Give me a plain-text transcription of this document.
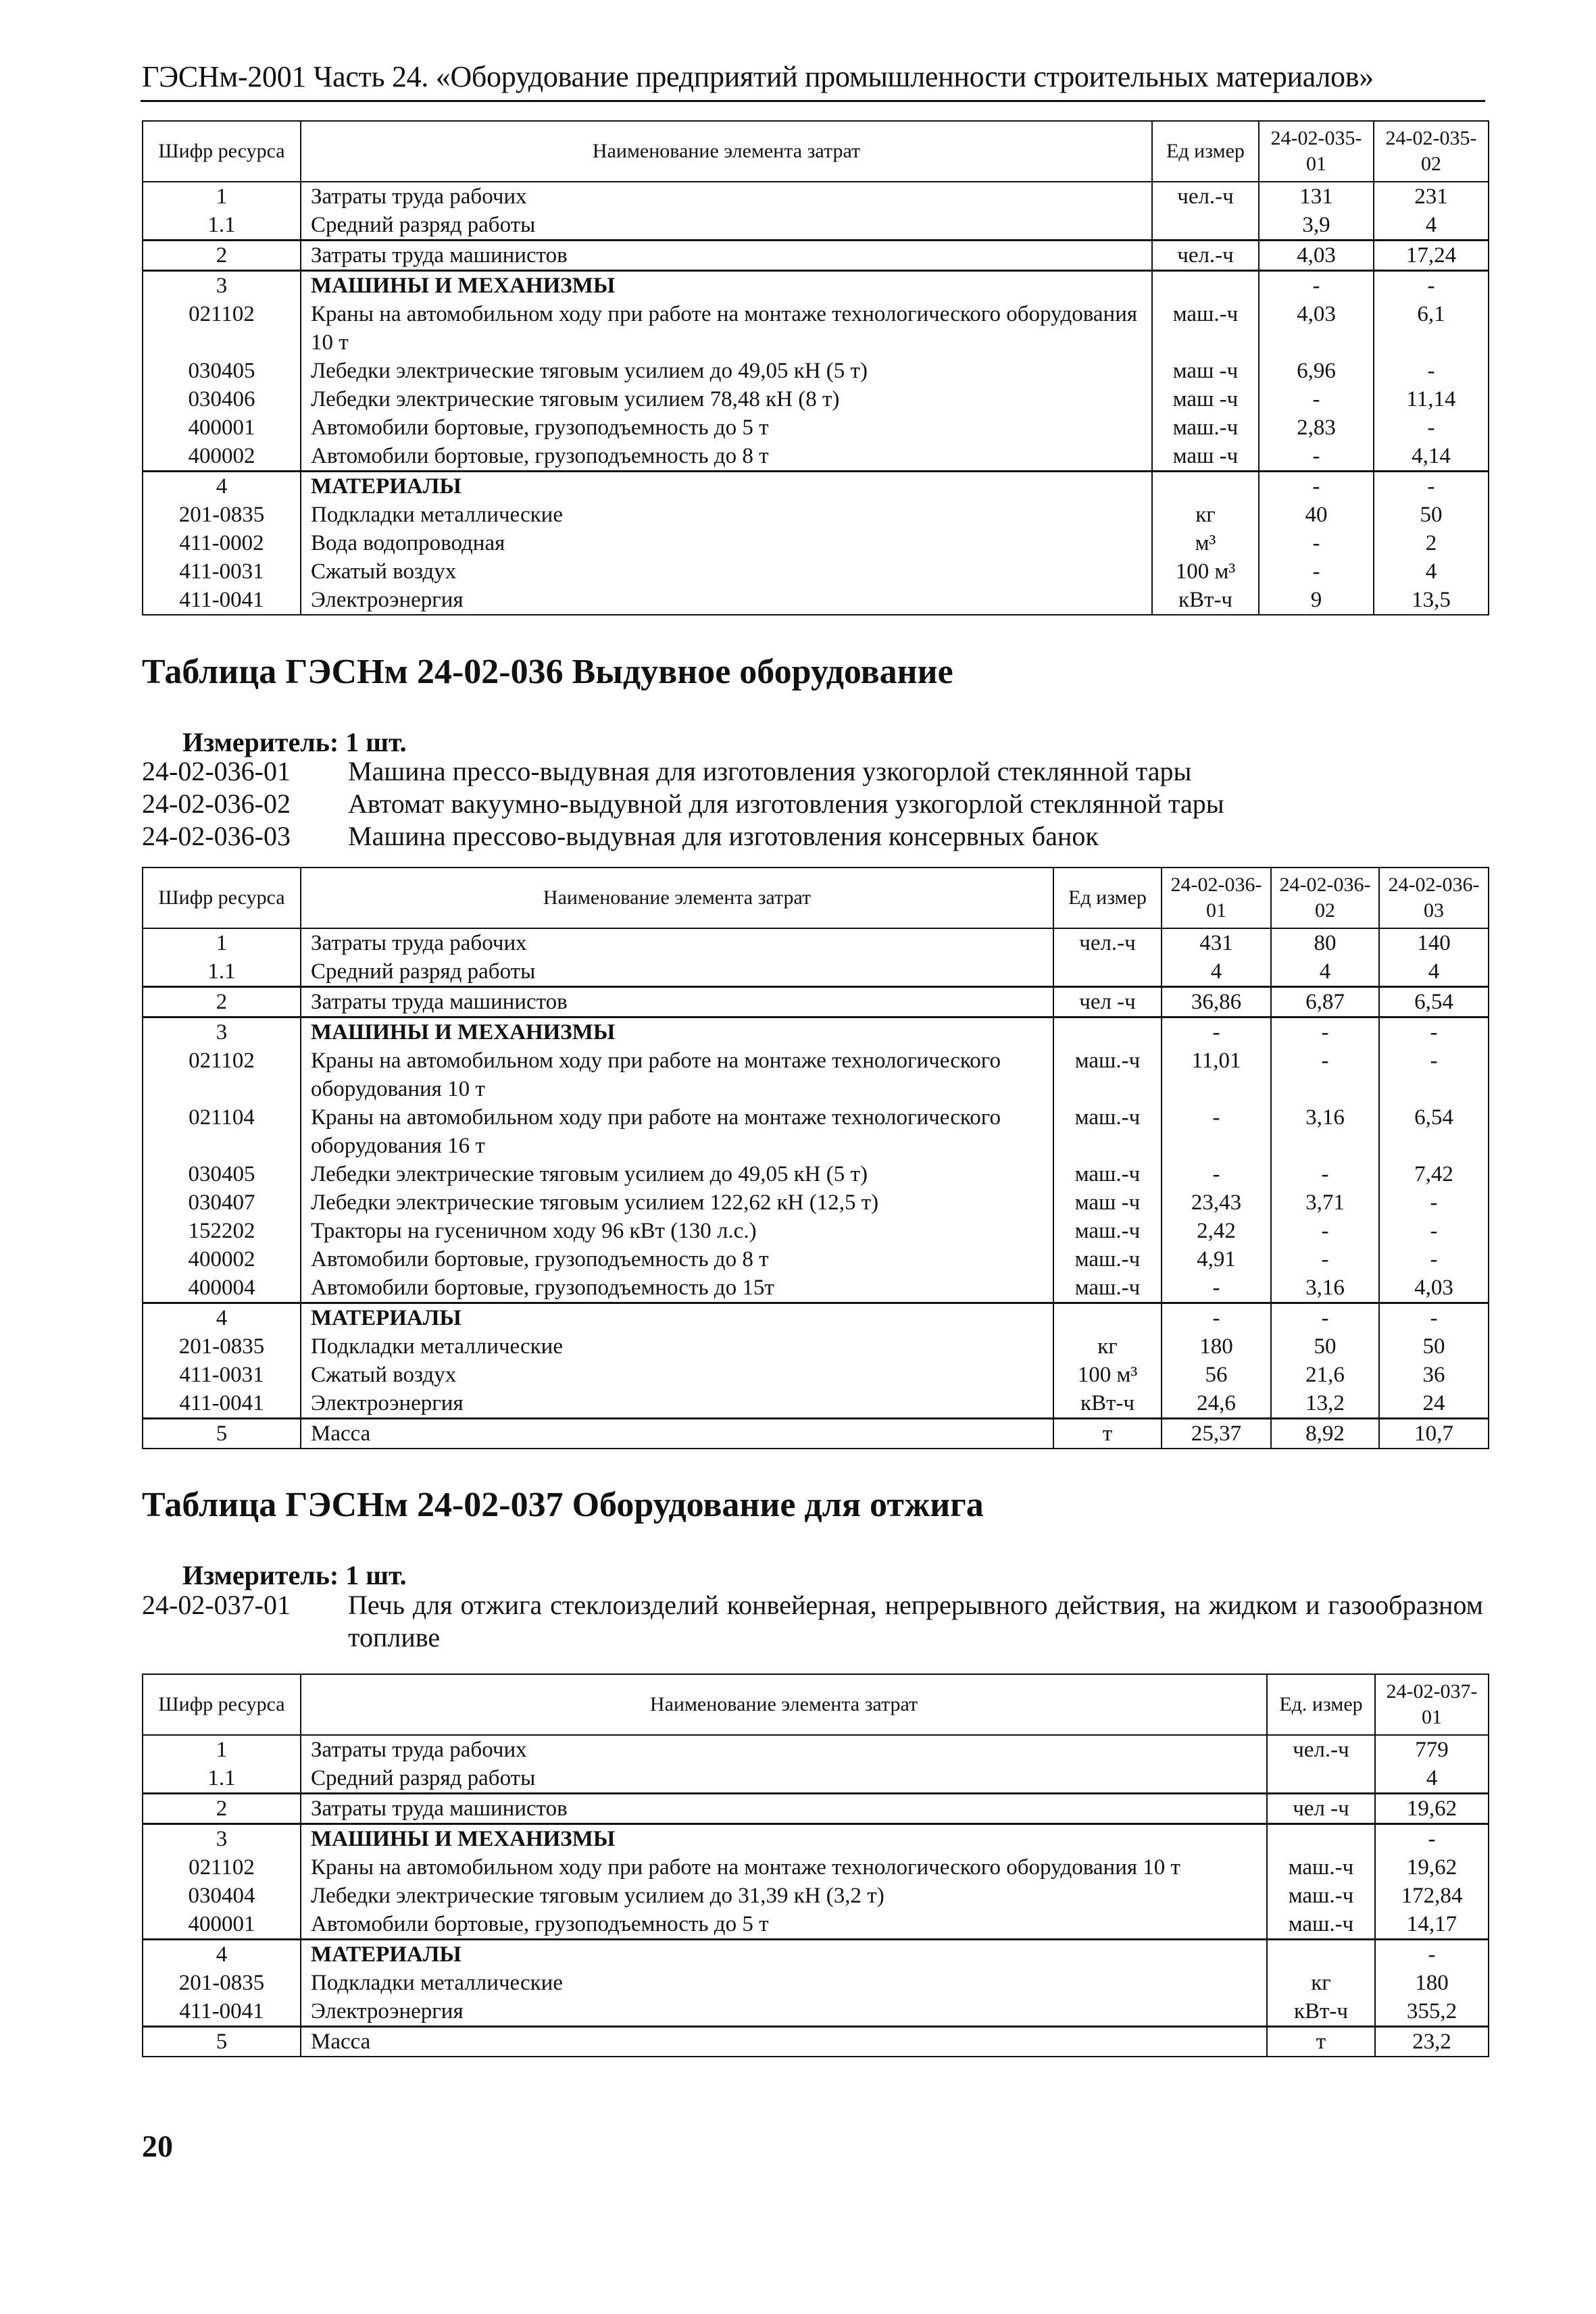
ГЭСНм-2001 Часть 24. «Оборудование предприятий промышленности строительных материалов»
Шифр ресурса	Наименование элемента затрат	Ед измер	24-02-035-01	24-02-035-02
1	Затраты труда рабочих	чел.-ч	131	231
1.1	Средний разряд работы		3,9	4
2	Затраты труда машинистов	чел.-ч	4,03	17,24
3	МАШИНЫ И МЕХАНИЗМЫ		-	-
021102	Краны на автомобильном ходу при работе на монтаже технологического оборудования 10 т	маш.-ч	4,03	6,1
030405	Лебедки электрические тяговым усилием до 49,05 кН (5 т)	маш -ч	6,96	-
030406	Лебедки электрические тяговым усилием 78,48 кН (8 т)	маш -ч	-	11,14
400001	Автомобили бортовые, грузоподъемность до 5 т	маш.-ч	2,83	-
400002	Автомобили бортовые, грузоподъемность до 8 т	маш -ч	-	4,14
4	МАТЕРИАЛЫ		-	-
201-0835	Подкладки металлические	кг	40	50
411-0002	Вода водопроводная	м³	-	2
411-0031	Сжатый воздух	100 м³	-	4
411-0041	Электроэнергия	кВт-ч	9	13,5
Таблица ГЭСНм 24-02-036 Выдувное оборудование
Измеритель: 1 шт.
24-02-036-01	Машина прессо-выдувная для изготовления узкогорлой стеклянной тары
24-02-036-02	Автомат вакуумно-выдувной для изготовления узкогорлой стеклянной тары
24-02-036-03	Машина прессово-выдувная для изготовления консервных банок
Шифр ресурса	Наименование элемента затрат	Ед измер	24-02-036-01	24-02-036-02	24-02-036-03
1	Затраты труда рабочих	чел.-ч	431	80	140
1.1	Средний разряд работы		4	4	4
2	Затраты труда машинистов	чел -ч	36,86	6,87	6,54
3	МАШИНЫ И МЕХАНИЗМЫ		-	-	-
021102	Краны на автомобильном ходу при работе на монтаже технологического оборудования 10 т	маш.-ч	11,01	-	-
021104	Краны на автомобильном ходу при работе на монтаже технологического оборудования 16 т	маш.-ч	-	3,16	6,54
030405	Лебедки электрические тяговым усилием до 49,05 кН (5 т)	маш.-ч	-	-	7,42
030407	Лебедки электрические тяговым усилием 122,62 кН (12,5 т)	маш -ч	23,43	3,71	-
152202	Тракторы на гусеничном ходу 96 кВт (130 л.с.)	маш.-ч	2,42	-	-
400002	Автомобили бортовые, грузоподъемность до 8 т	маш.-ч	4,91	-	-
400004	Автомобили бортовые, грузоподъемность до 15т	маш.-ч	-	3,16	4,03
4	МАТЕРИАЛЫ		-	-	-
201-0835	Подкладки металлические	кг	180	50	50
411-0031	Сжатый воздух	100 м³	56	21,6	36
411-0041	Электроэнергия	кВт-ч	24,6	13,2	24
5	Масса	т	25,37	8,92	10,7
Таблица ГЭСНм 24-02-037 Оборудование для отжига
Измеритель: 1 шт.
24-02-037-01	Печь для отжига стеклоизделий конвейерная, непрерывного действия, на жидком и газообразном топливе
Шифр ресурса	Наименование элемента затрат	Ед. измер	24-02-037-01
1	Затраты труда рабочих	чел.-ч	779
1.1	Средний разряд работы		4
2	Затраты труда машинистов	чел -ч	19,62
3	МАШИНЫ И МЕХАНИЗМЫ		-
021102	Краны на автомобильном ходу при работе на монтаже технологического оборудования 10 т	маш.-ч	19,62
030404	Лебедки электрические тяговым усилием до 31,39 кН (3,2 т)	маш.-ч	172,84
400001	Автомобили бортовые, грузоподъемность до 5 т	маш.-ч	14,17
4	МАТЕРИАЛЫ		-
201-0835	Подкладки металлические	кг	180
411-0041	Электроэнергия	кВт-ч	355,2
5	Масса	т	23,2
20
